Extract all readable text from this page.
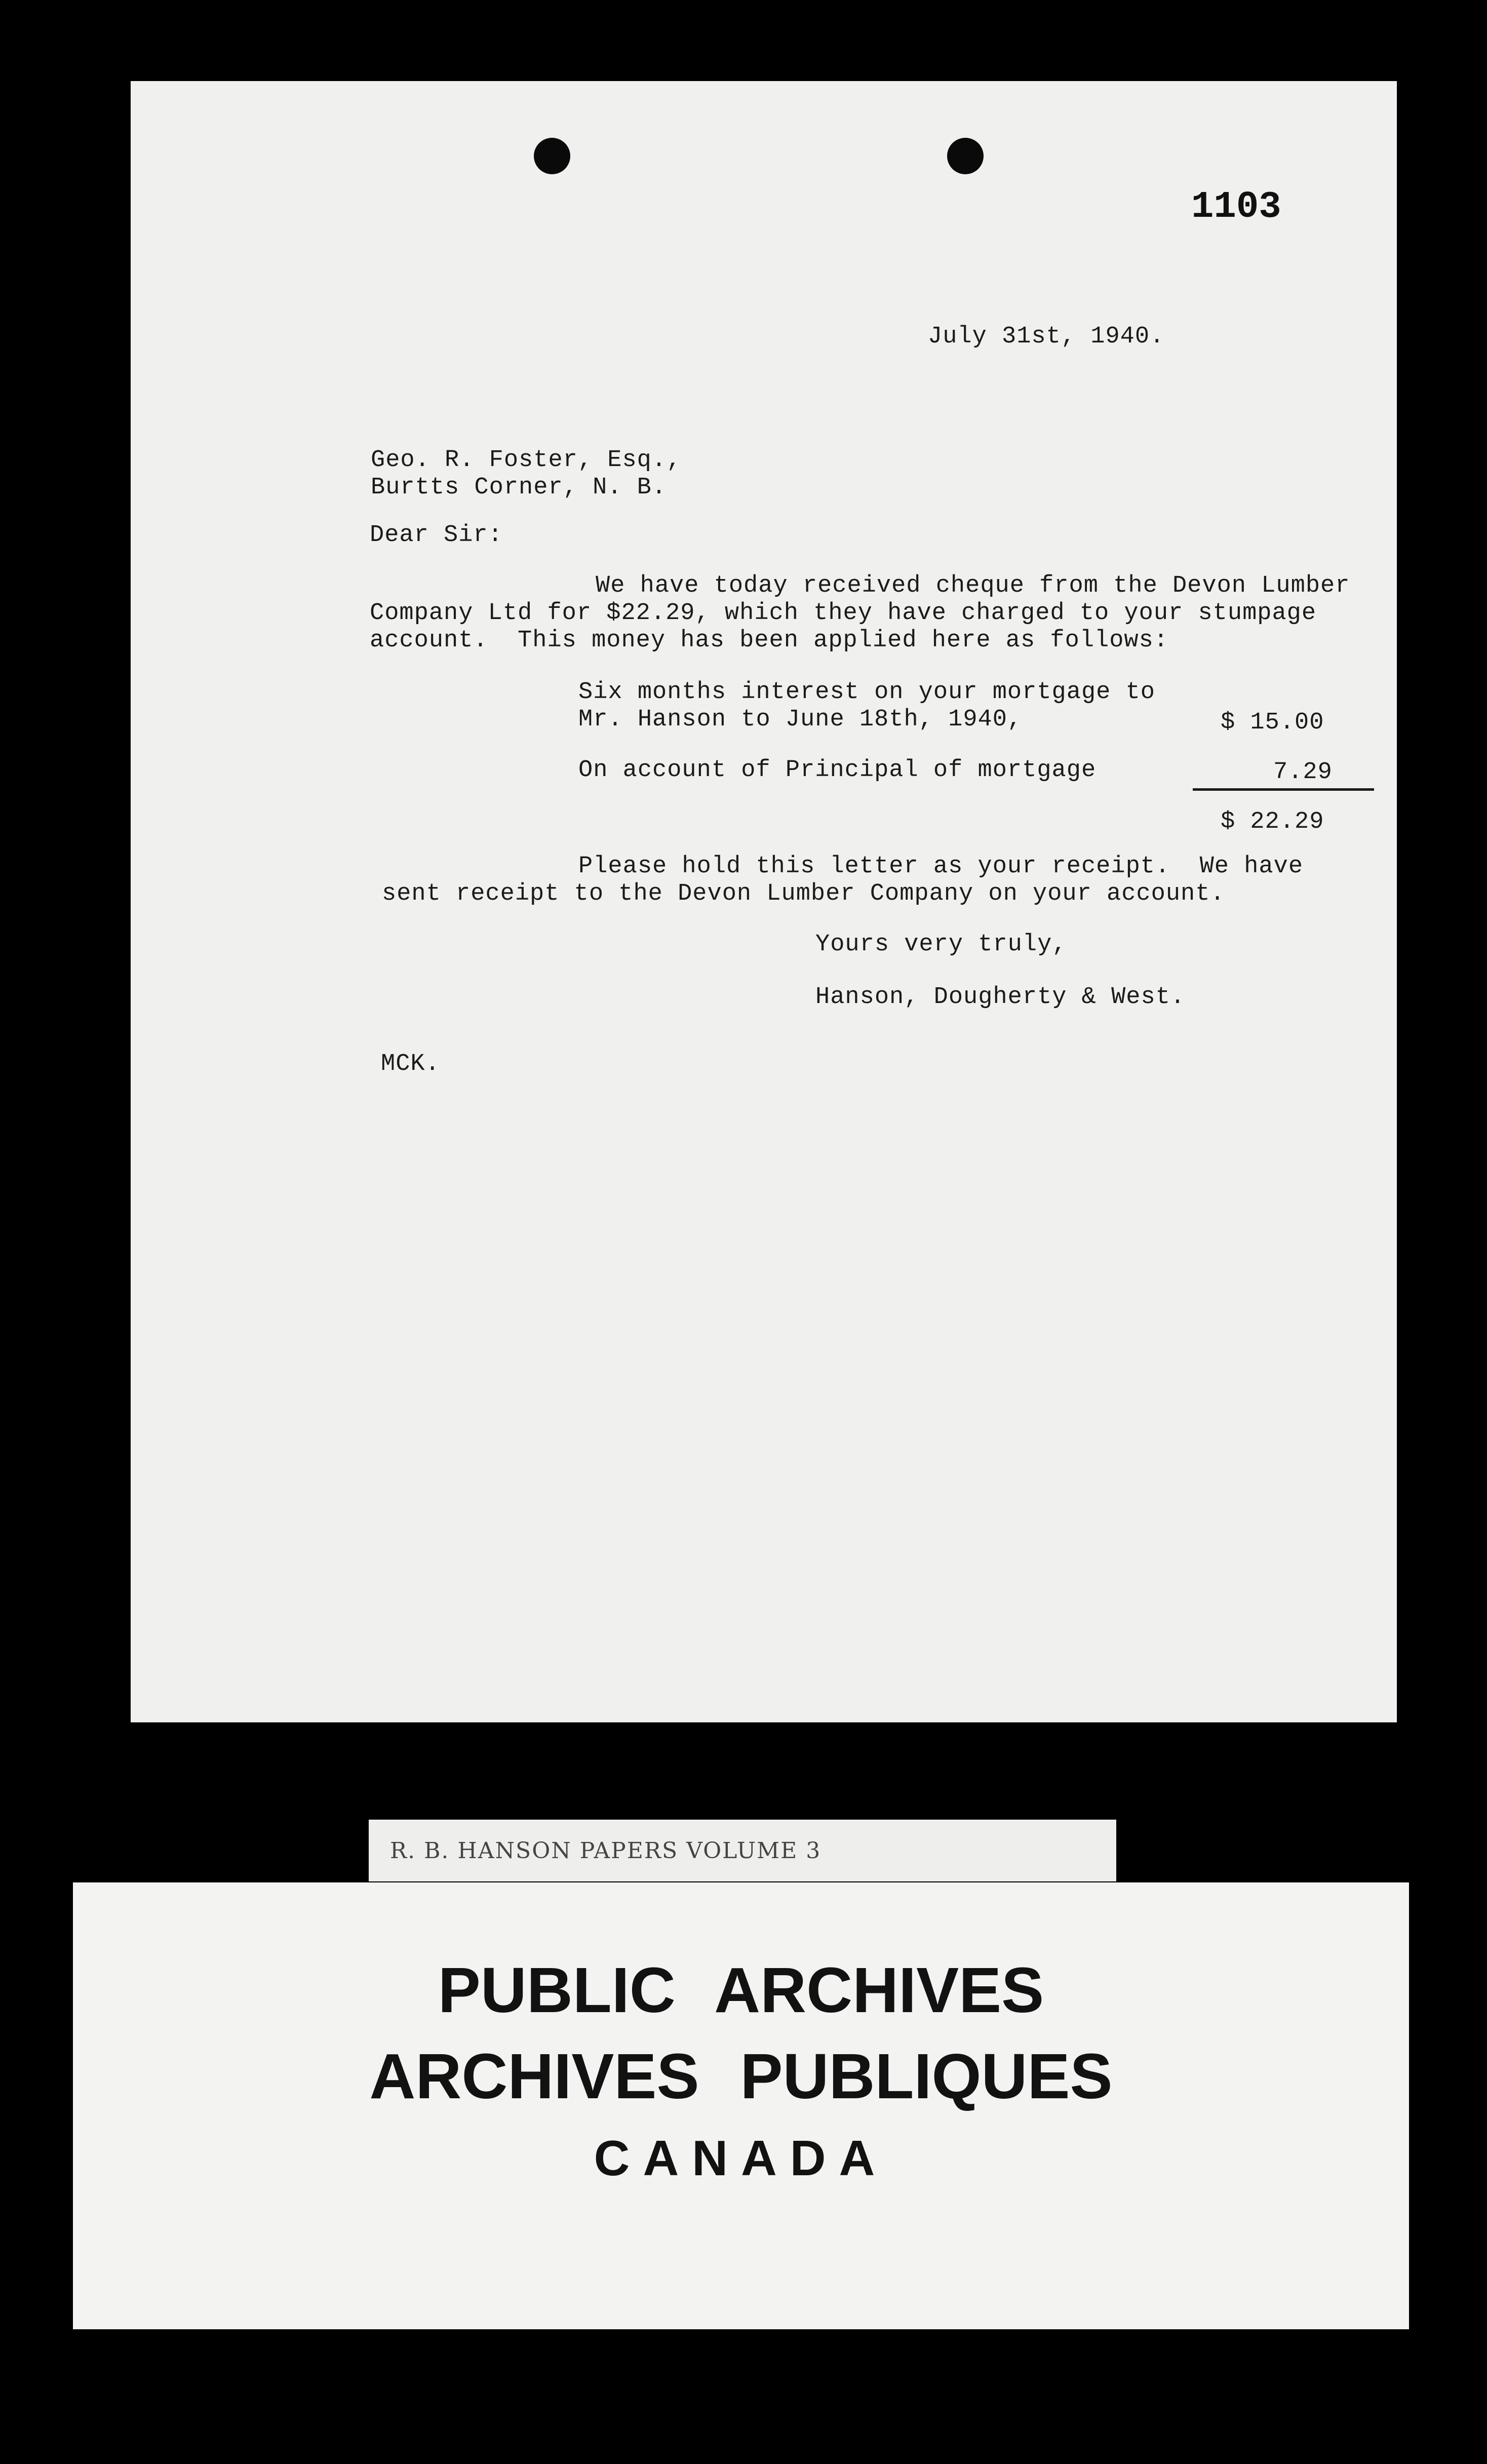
1103
July 31st, 1940.
Geo. R. Foster, Esq.,
Burtts Corner, N. B.
Dear Sir:
We have today received cheque from the Devon Lumber
Company Ltd for $22.29, which they have charged to your stumpage
account.  This money has been applied here as follows:
Six months interest on your mortgage to
Mr. Hanson to June 18th, 1940,	$ 15.00
On account of Principal of mortgage	7.29
$ 22.29
Please hold this letter as your receipt.  We have
sent receipt to the Devon Lumber Company on your account.
Yours very truly,
Hanson, Dougherty & West.
MCK.
R. B. HANSON PAPERS VOLUME 3
PUBLIC ARCHIVES
ARCHIVES PUBLIQUES
CANADA
